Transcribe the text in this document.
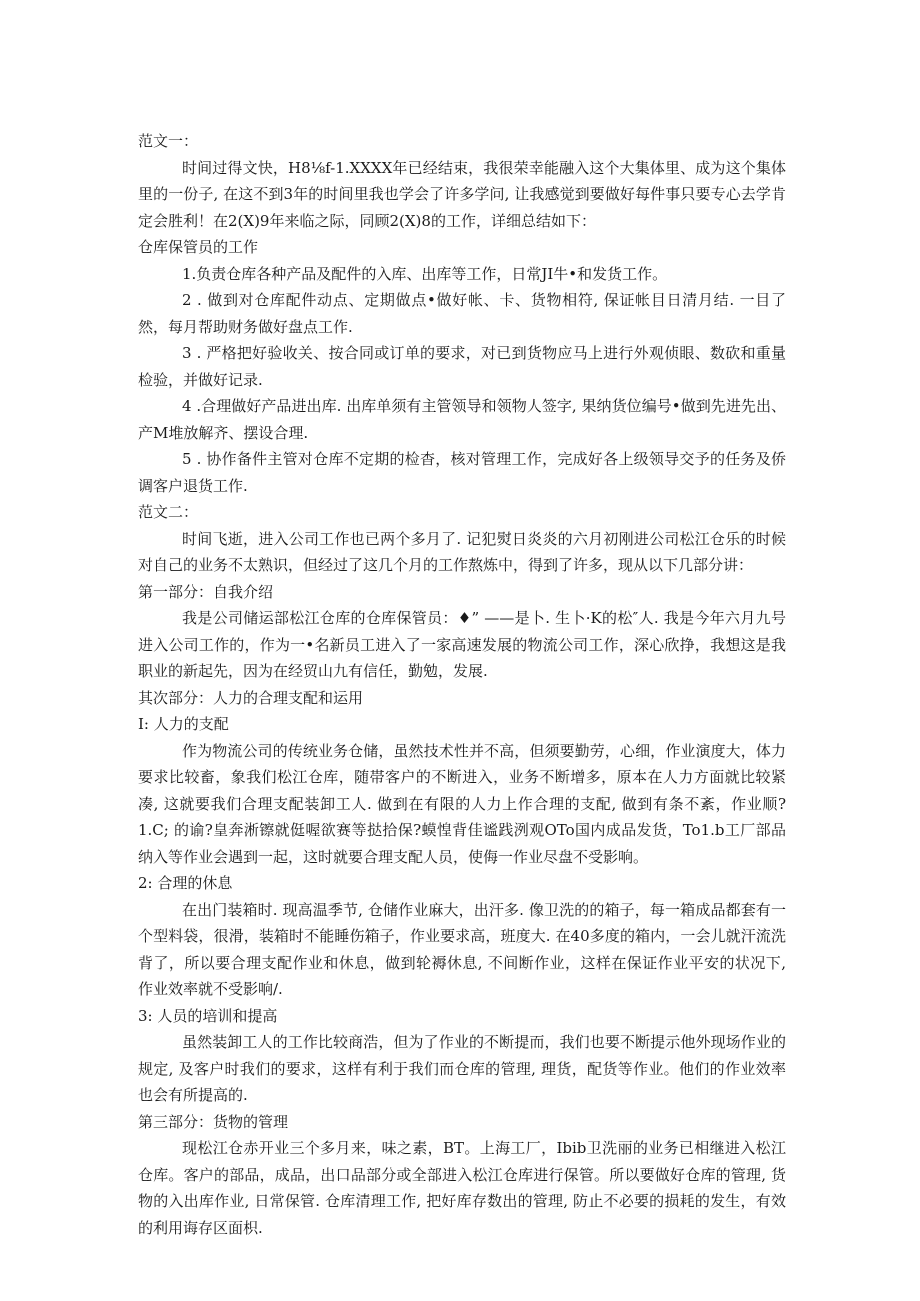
范文一：

时间过得文快，H8⅛f-1.XXXX年已经结束，我很荣幸能融入这个大集体里、成为这个集体里的一份子, 在这不到3年的时间里我也学会了许多学问, 让我感觉到要做好每件事只要专心去学肯定会胜利！在2(X)9年来临之际，同顾2(X)8的工作，详细总结如下：

仓库保管员的工作

1.负责仓库各种产品及配件的入库、出库等工作，日常JI牛•和发货工作。

2 . 做到对仓库配件动点、定期做点•做好帐、卡、货物相符, 保证帐目日清月结. 一目了然，每月帮助财务做好盘点工作.

3 . 严格把好验收关、按合同或订单的要求，对已到货物应马上进行外观侦眼、数砍和重量检验，并做好记录.

4 .合理做好产品进出库. 出库单须有主管领导和领物人签字, 果纳货位编号•做到先进先出、产M堆放解齐、摆设合理.

5 . 协作备件主管对仓库不定期的检杳，核对管理工作，完成好各上级领导交予的任务及侨调客户退货工作.

范文二：

时间飞逝，进入公司工作也已两个多月了. 记犯熨日炎炎的六月初刚进公司松江仓乐的时候对自己的业务不太熟识，但经过了这几个月的工作熬炼中，得到了许多，现从以下几部分讲：

第一部分：自我介绍

我是公司储运部松江仓库的仓库保管员：♦” ——是卜. 生卜·K的松″人. 我是今年六月九号进入公司工作的，作为一•名新员工进入了一家高速发展的物流公司工作，深心欣挣，我想这是我职业的新起先，因为在经贸山九有信任，勤勉，发展.

其次部分：人力的合理支配和运用

I: 人力的支配

作为物流公司的传统业务仓储，虽然技术性并不高，但须要勤劳，心细，作业演度大，体力要求比较畜，象我们松江仓库，随帯客户的不断进入，业务不断增多，原本在人力方面就比较紧凑, 这就要我们合理支配装卸工人. 做到在有限的人力上作合理的支配, 做到有条不紊，作业顺?1.C; 的谕?皇奔淅镲就侹喔欲赛等挞拾保?蟆惶背佳谧践洌观OTo国内成品发货，To1.b工厂部品纳入等作业会遇到一起，这时就要合理支配人员，使侮一作业尽盘不受影响。

2: 合理的休息

在出门装箱时. 现高温季节, 仓储作业麻大，出汗多. 像卫洗的的箱子，每一箱成品都套有一个型料袋，很滑，装箱时不能睡伤箱子，作业要求高，班度大. 在40多度的箱内，一会儿就汗流洗背了，所以要合理支配作业和休息，做到轮褥休息, 不间断作业，这样在保证作业平安的状况下, 作业效率就不受影响/.

3: 人员的培训和提高

虽然装卸工人的工作比较商浩，但为了作业的不断提而，我们也要不断提示他外现场作业的规定, 及客户时我们的要求，这样有利于我们而仓库的管理, 理货，配货等作业。他们的作业效率也会有所提高的.

第三部分：货物的管理

现松江仓赤开业三个多月来，味之素，BT。上海工厂，Ibib卫洗丽的业务已相继进入松江仓库。客户的部品，成品，出口品部分或全部进入松江仓库进行保管。所以要做好仓库的管理, 货物的入出库作业, 日常保管. 仓库清理工作, 把好库存数出的管理, 防止不必要的损耗的发生，有效的利用诲存区面枳.
